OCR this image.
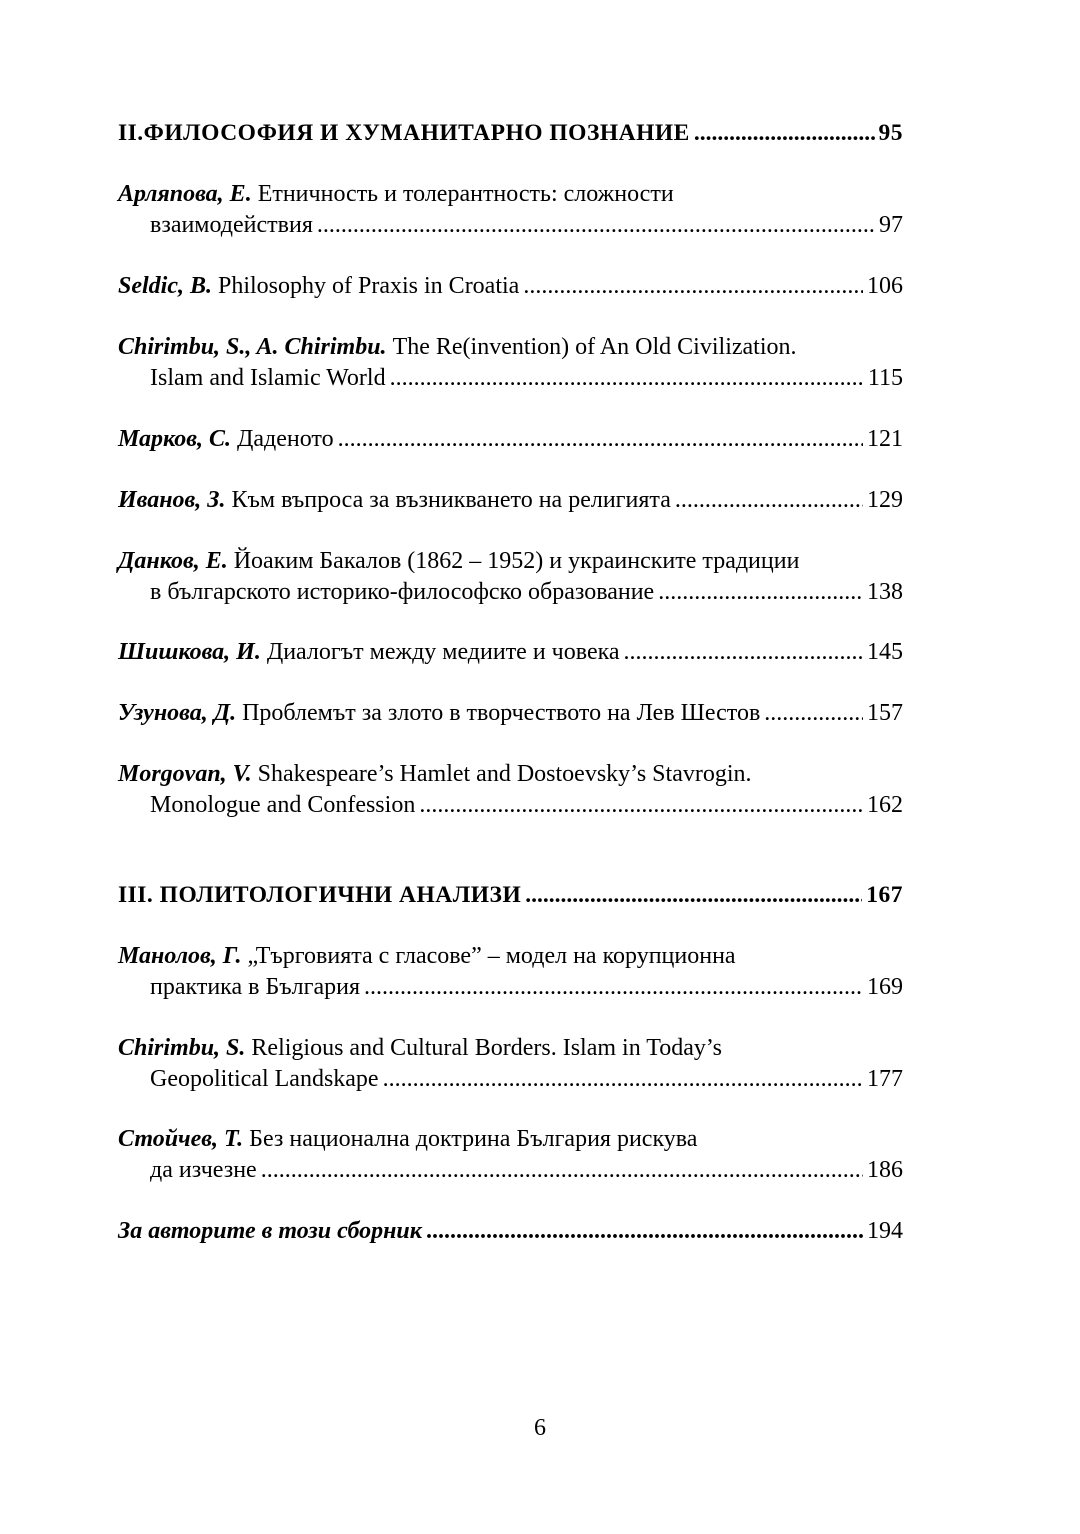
II.ФИЛОСОФИЯ И ХУМАНИТАРНО ПОЗНАНИЕ .....	95
Арляпова, Е. Етничность и толерантность: сложности
взаимодействия .....	97
Seldic, B. Philosophy of Praxis in Croatia .....	106
Chirimbu, S., A. Chirimbu. The Re(invention) of An Old Civilization.
Islam and Islamic World .....	115
Марков, С. Даденото .....	121
Иванов, З. Към въпроса за възникването на религията .....	129
Данков, Е. Йоаким Бакалов (1862 – 1952) и украинските традиции
в българското историко-философско образование .....	138
Шишкова, И. Диалогът между медиите и човека .....	145
Узунова, Д. Проблемът за злото в творчеството на Лев Шестов .....	157
Morgovan, V. Shakespeare’s Hamlet and Dostoevsky’s Stavrogin.
Monologue and Confession .....	162
III. ПОЛИТОЛОГИЧНИ АНАЛИЗИ .....	167
Манолов, Г. „Търговията с гласове” – модел на корупционна
практика в България .....	169
Chirimbu, S. Religious and Cultural Borders. Islam in Today’s
Geopolitical Landskape .....	177
Стойчев, Т. Без национална доктрина България рискува
да изчезне .....	186
За авторите в този сборник .....	194
6
